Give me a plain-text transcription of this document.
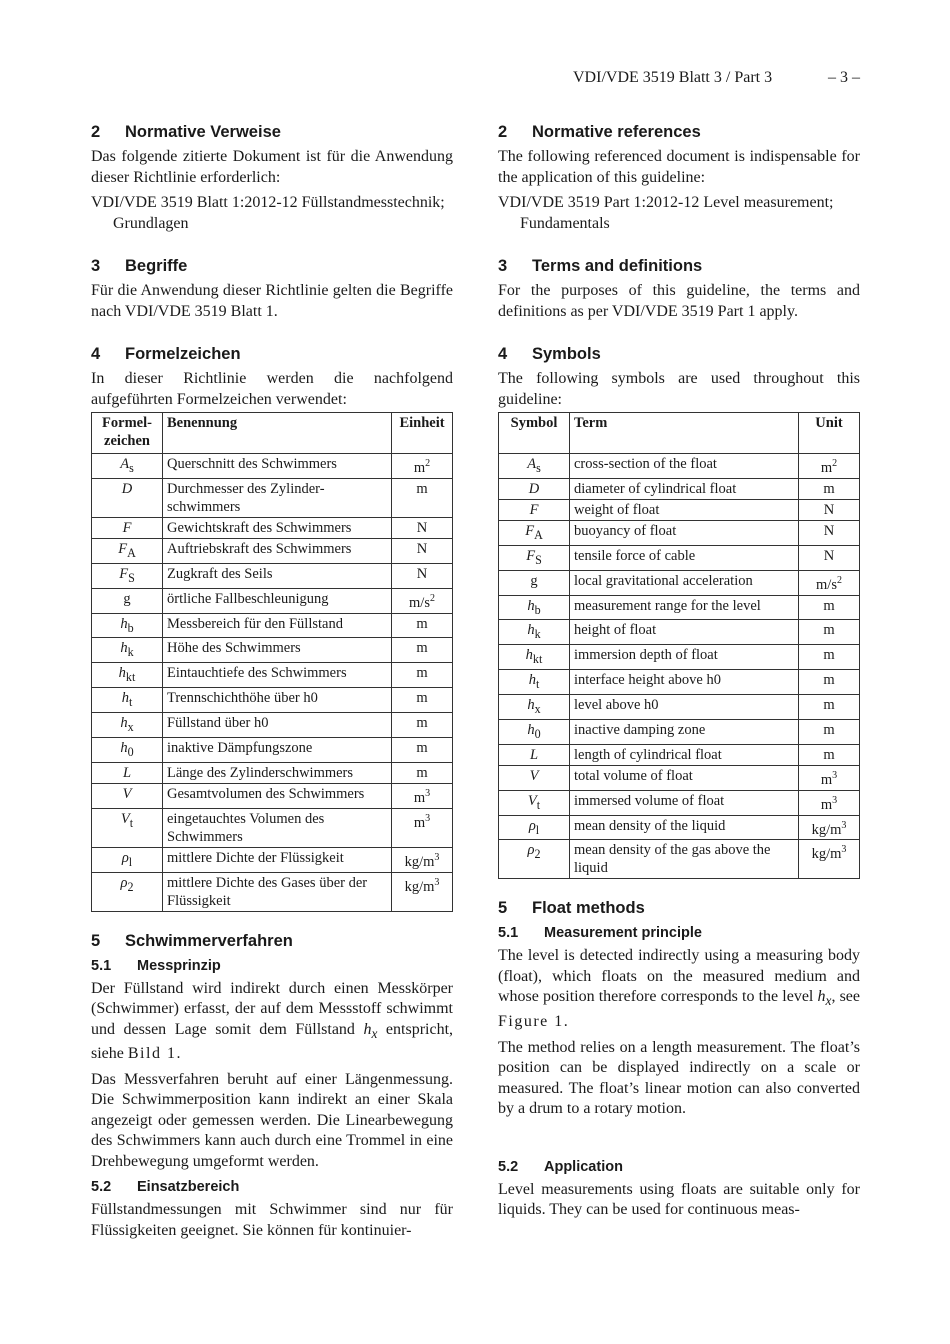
VDI/VDE 3519 Blatt 3 / Part 3	– 3 –
2 Normative Verweise

Das folgende zitierte Dokument ist für die Anwendung dieser Richtlinie erforderlich:

VDI/VDE 3519 Blatt 1:2012-12 Füllstandmesstechnik; Grundlagen

3 Begriffe

Für die Anwendung dieser Richtlinie gelten die Begriffe nach VDI/VDE 3519 Blatt 1.

4 Formelzeichen

In dieser Richtlinie werden die nachfolgend aufgeführten Formelzeichen verwendet:

Formel-zeichen	Benennung	Einheit
$A_s$	Querschnitt des Schwimmers	$m^2$
D	Durchmesser des Zylinder-schwimmers	m
F	Gewichtskraft des Schwimmers	N
$F_A$	Auftriebskraft des Schwimmers	N
$F_S$	Zugkraft des Seils	N
g	örtliche Fallbeschleunigung	$m/s^2$
$h_b$	Messbereich für den Füllstand	m
$h_k$	Höhe des Schwimmers	m
$h_{kt}$	Eintauchtiefe des Schwimmers	m
$h_t$	Trennschichthöhe über h0	m
$h_x$	Füllstand über h0	m
$h_0$	inaktive Dämpfungszone	m
L	Länge des Zylinderschwimmers	m
V	Gesamtvolumen des Schwimmers	$m^3$
$V_t$	eingetauchtes Volumen des Schwimmers	$m^3$
$\rho_l$	mittlere Dichte der Flüssigkeit	$kg/m^3$
$\rho_2$	mittlere Dichte des Gases über der Flüssigkeit	$kg/m^3$
5 Schwimmerverfahren
5.1 Messprinzip

Der Füllstand wird indirekt durch einen Messkörper (Schwimmer) erfasst, der auf dem Messstoff schwimmt und dessen Lage somit dem Füllstand $h_x$ entspricht, siehe Bild 1.

Das Messverfahren beruht auf einer Längenmessung. Die Schwimmerposition kann indirekt an einer Skala angezeigt oder gemessen werden. Die Linearbewegung des Schwimmers kann auch durch eine Trommel in eine Drehbewegung umgeformt werden.

5.2 Einsatzbereich

Füllstandmessungen mit Schwimmer sind nur für Flüssigkeiten geeignet. Sie können für kontinuier-

2 Normative references

The following referenced document is indispensable for the application of this guideline:

VDI/VDE 3519 Part 1:2012-12 Level measurement; Fundamentals

3 Terms and definitions

For the purposes of this guideline, the terms and definitions as per VDI/VDE 3519 Part 1 apply.

4 Symbols

The following symbols are used throughout this guideline:

Symbol	Term	Unit
$A_s$	cross-section of the float	$m^2$
D	diameter of cylindrical float	m
F	weight of float	N
$F_A$	buoyancy of float	N
$F_S$	tensile force of cable	N
g	local gravitational acceleration	$m/s^2$
$h_b$	measurement range for the level	m
$h_k$	height of float	m
$h_{kt}$	immersion depth of float	m
$h_t$	interface height above h0	m
$h_x$	level above h0	m
$h_0$	inactive damping zone	m
L	length of cylindrical float	m
V	total volume of float	$m^3$
$V_t$	immersed volume of float	$m^3$
$\rho_l$	mean density of the liquid	$kg/m^3$
$\rho_2$	mean density of the gas above the liquid	$kg/m^3$
5 Float methods
5.1 Measurement principle

The level is detected indirectly using a measuring body (float), which floats on the measured medium and whose position therefore corresponds to the level $h_x$, see Figure 1.

The method relies on a length measurement. The float’s position can be displayed indirectly on a scale or measured. The float’s linear motion can also converted by a drum to a rotary motion.

5.2 Application

Level measurements using floats are suitable only for liquids. They can be used for continuous meas-
